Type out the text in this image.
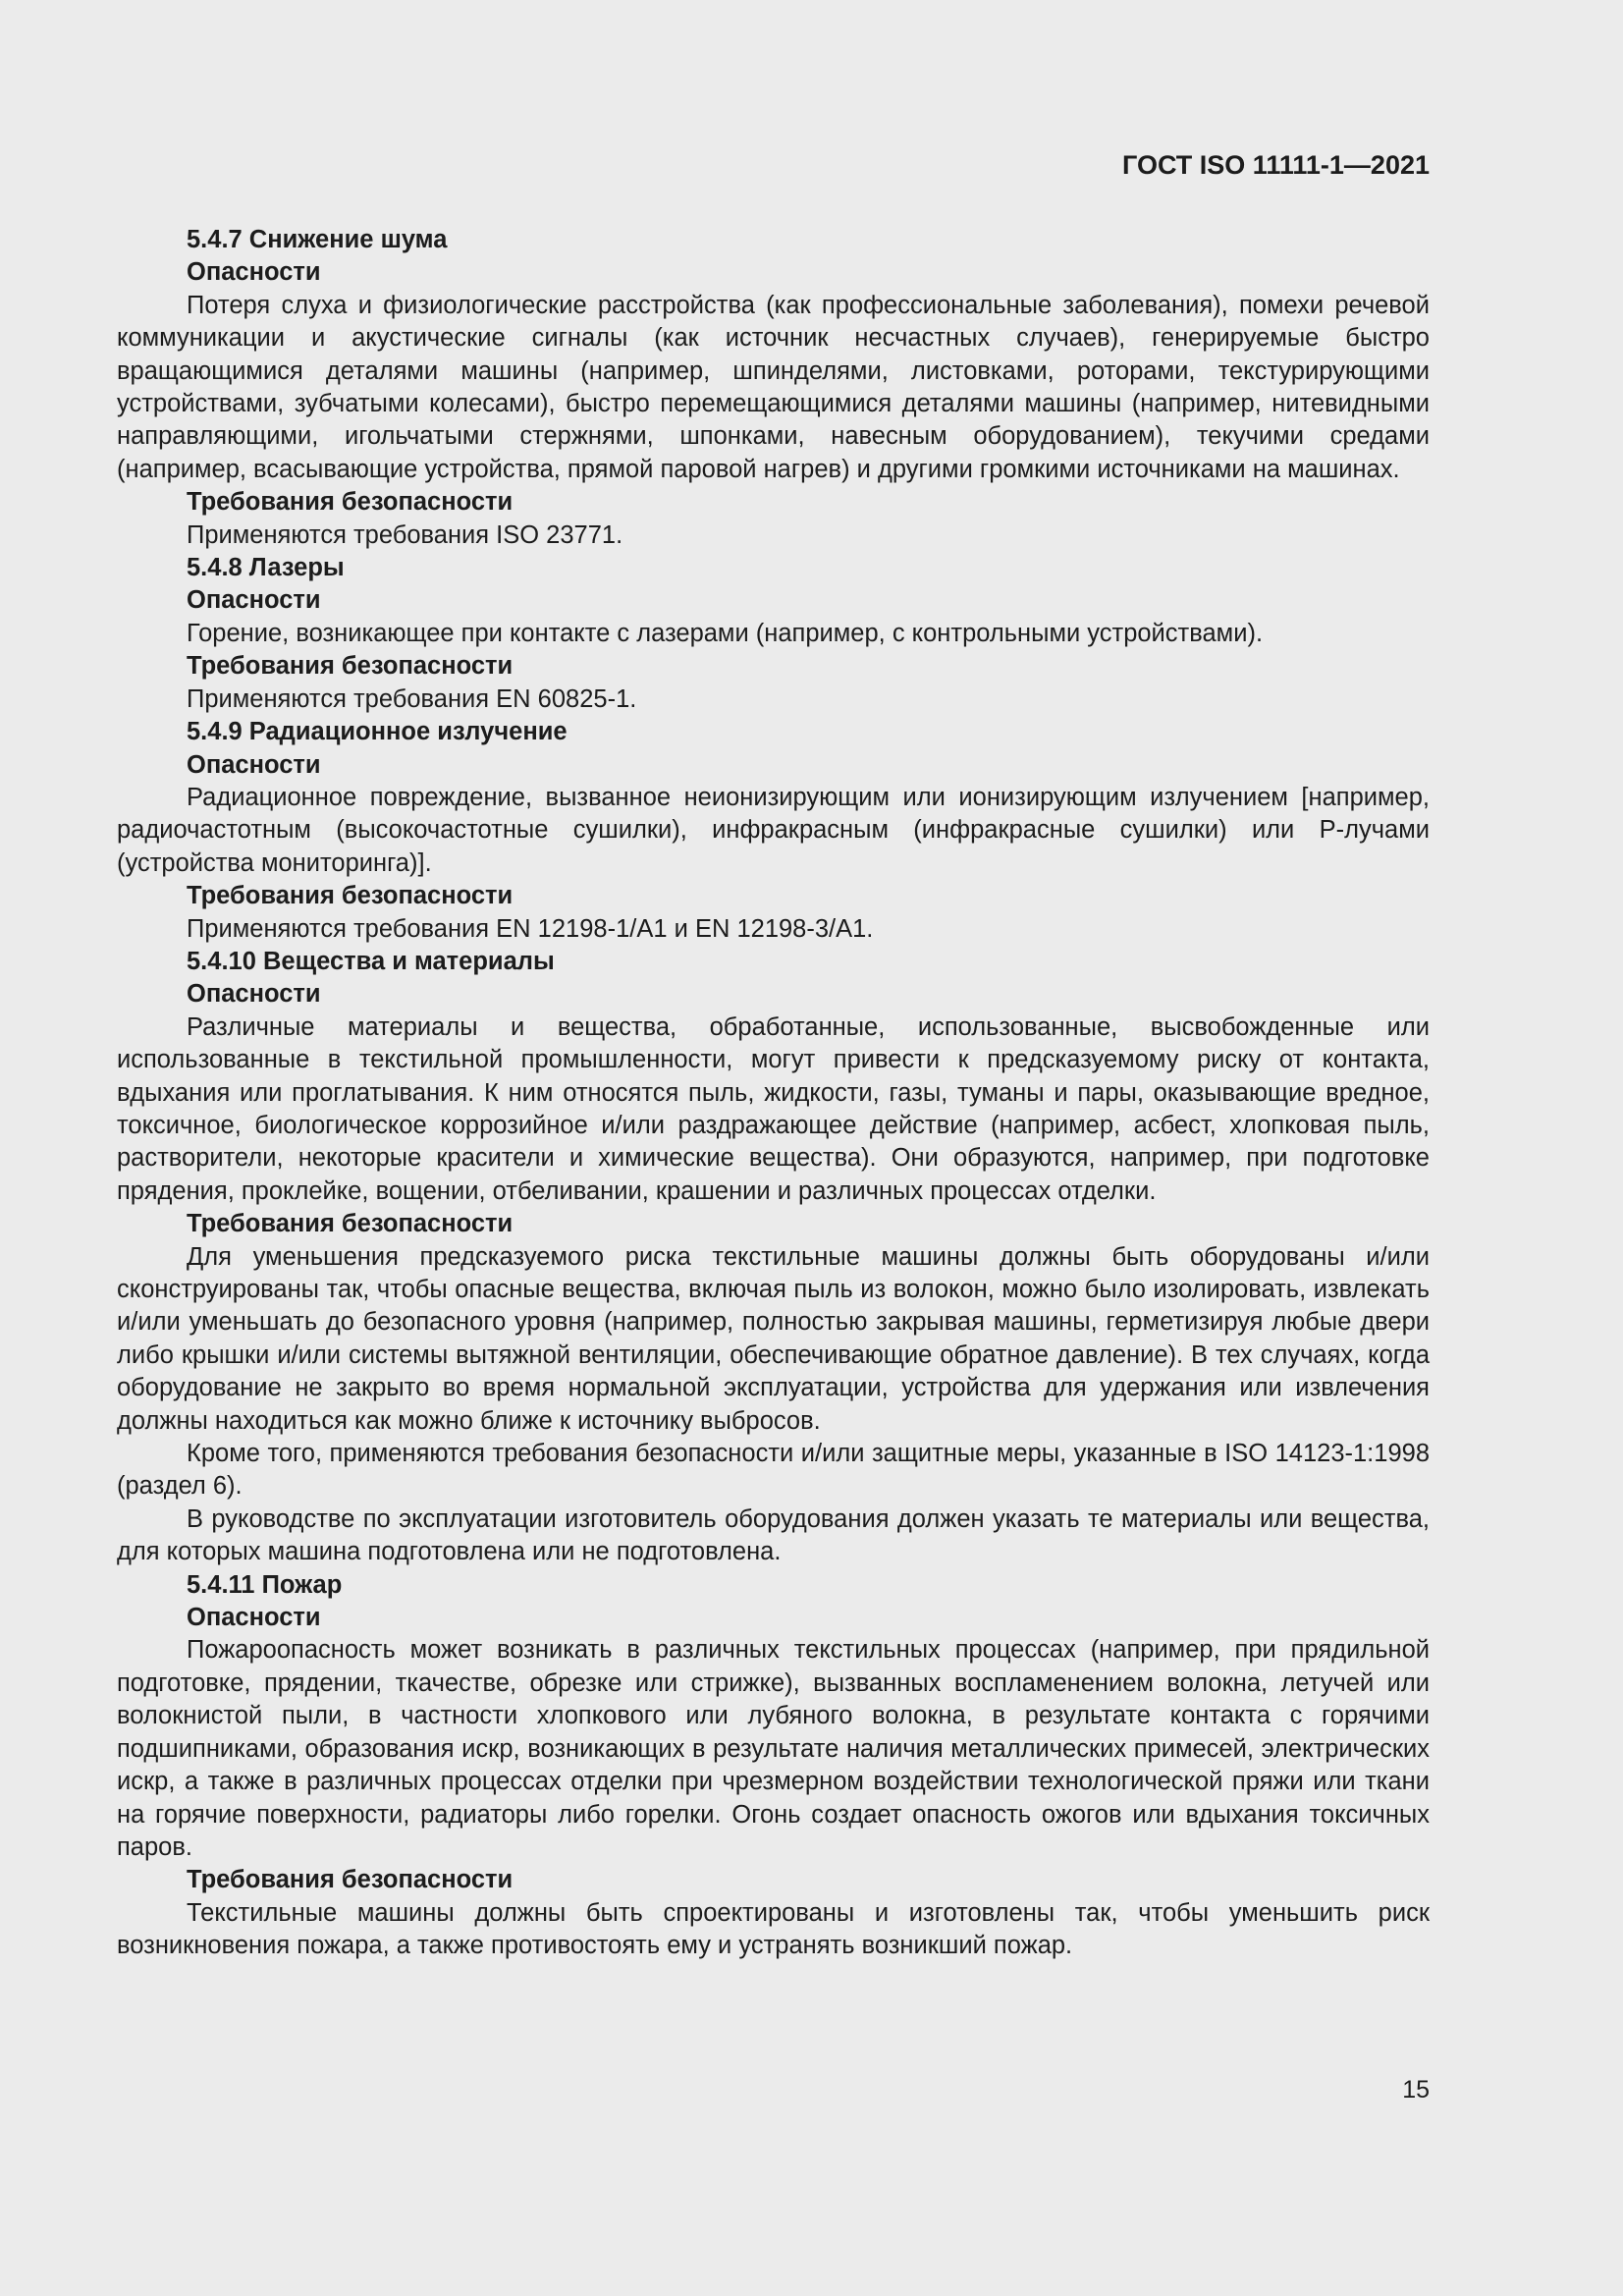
ГОСТ ISO 11111-1—2021

5.4.7 Снижение шума

Опасности

Потеря слуха и физиологические расстройства (как профессиональные заболевания), помехи речевой коммуникации и акустические сигналы (как источник несчастных случаев), генерируемые быстро вращающимися деталями машины (например, шпинделями, листовками, роторами, текстурирующими устройствами, зубчатыми колесами), быстро перемещающимися деталями машины (например, нитевидными направляющими, игольчатыми стержнями, шпонками, навесным оборудованием), текучими средами (например, всасывающие устройства, прямой паровой нагрев) и другими громкими источниками на машинах.

Требования безопасности

Применяются требования ISO 23771.

5.4.8 Лазеры

Опасности

Горение, возникающее при контакте с лазерами (например, с контрольными устройствами).

Требования безопасности

Применяются требования EN 60825-1.

5.4.9 Радиационное излучение

Опасности

Радиационное повреждение, вызванное неионизирующим или ионизирующим излучением [например, радиочастотным (высокочастотные сушилки), инфракрасным (инфракрасные сушилки) или Р-лучами (устройства мониторинга)].

Требования безопасности

Применяются требования EN 12198-1/A1 и EN 12198-3/A1.

5.4.10 Вещества и материалы

Опасности

Различные материалы и вещества, обработанные, использованные, высвобожденные или использованные в текстильной промышленности, могут привести к предсказуемому риску от контакта, вдыхания или проглатывания. К ним относятся пыль, жидкости, газы, туманы и пары, оказывающие вредное, токсичное, биологическое коррозийное и/или раздражающее действие (например, асбест, хлопковая пыль, растворители, некоторые красители и химические вещества). Они образуются, например, при подготовке прядения, проклейке, вощении, отбеливании, крашении и различных процессах отделки.

Требования безопасности

Для уменьшения предсказуемого риска текстильные машины должны быть оборудованы и/или сконструированы так, чтобы опасные вещества, включая пыль из волокон, можно было изолировать, извлекать и/или уменьшать до безопасного уровня (например, полностью закрывая машины, герметизируя любые двери либо крышки и/или системы вытяжной вентиляции, обеспечивающие обратное давление). В тех случаях, когда оборудование не закрыто во время нормальной эксплуатации, устройства для удержания или извлечения должны находиться как можно ближе к источнику выбросов.

Кроме того, применяются требования безопасности и/или защитные меры, указанные в ISO 14123-1:1998 (раздел 6).

В руководстве по эксплуатации изготовитель оборудования должен указать те материалы или вещества, для которых машина подготовлена или не подготовлена.

5.4.11 Пожар

Опасности

Пожароопасность может возникать в различных текстильных процессах (например, при прядильной подготовке, прядении, ткачестве, обрезке или стрижке), вызванных воспламенением волокна, летучей или волокнистой пыли, в частности хлопкового или лубяного волокна, в результате контакта с горячими подшипниками, образования искр, возникающих в результате наличия металлических примесей, электрических искр, а также в различных процессах отделки при чрезмерном воздействии технологической пряжи или ткани на горячие поверхности, радиаторы либо горелки. Огонь создает опасность ожогов или вдыхания токсичных паров.

Требования безопасности

Текстильные машины должны быть спроектированы и изготовлены так, чтобы уменьшить риск возникновения пожара, а также противостоять ему и устранять возникший пожар.

15
